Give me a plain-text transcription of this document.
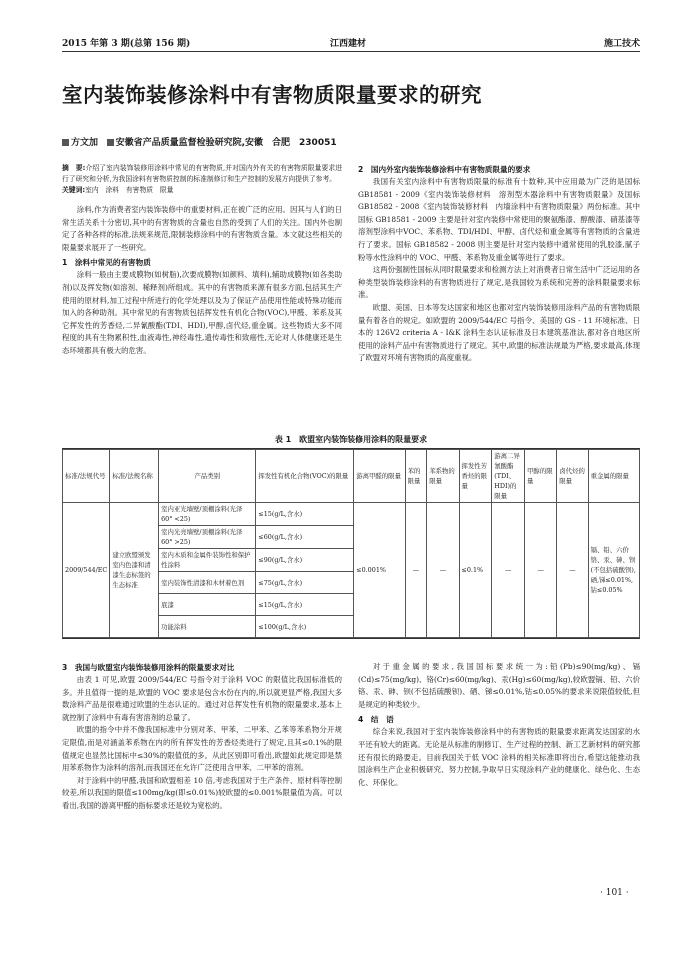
2015 年第 3 期(总第 156 期)	江西建材	施工技术
室内装饰装修涂料中有害物质限量要求的研究
方文加 安徽省产品质量监督检验研究院,安徽　合肥　230051

摘　要:介绍了室内装饰装修用涂料中常见的有害物质,并对国内外有关的有害物质限量要求进行了研究和分析,为我国涂料有害物质控制的标准制修订和生产控制的发展方向提供了参考。

关键词:室内　涂料　有害物质　限量

涂料,作为消费者室内装饰装修中的重要材料,正在被广泛的应用。因其与人们的日常生活关系十分密切,其中的有害物质的含量也自然的受到了人们的关注。国内外也制定了各种各样的标准,法规来规范,限制装修涂料中的有害物质含量。本文就这些相关的限量要求展开了一些研究。

1　涂料中常见的有害物质

涂料一般由主要成膜物(如树脂),次要成膜物(如颜料、填料),辅助成膜物(如各类助剂)以及挥发物(如溶剂、稀释剂)所组成。其中的有害物质来源有很多方面,包括其生产使用的原材料,加工过程中所进行的化学处理以及为了保证产品使用性能或特殊功能而加入的各种助剂。其中常见的有害物质包括挥发性有机化合物(VOC),甲醛、苯系及其它挥发性的芳香烃,二异氰酸酯(TDI、HDI),甲醇,卤代烃,重金属。这些物质大多不同程度的具有生物累积性,血液毒性,神经毒性,遗传毒性和致癌性,无论对人体健康还是生态环境都具有极大的危害。

2　国内外室内装饰装修涂料中有害物质限量的要求

我国有关室内涂料中有害物质限量的标准有十数种,其中应用最为广泛的是国标 GB18581 - 2009《室内装饰装修材料　溶剂型木器涂料中有害物质限量》及国标 GB18582 - 2008《室内装饰装修材料　内墙涂料中有害物质限量》两份标准。其中国标 GB18581 - 2009 主要是针对室内装修中常使用的聚氨酯漆、醇酸漆、硝基漆等溶剂型涂料中VOC、苯系物、TDI/HDI、甲醇、卤代烃和重金属等有害物质的含量进行了要求。国标 GB18582 - 2008 则主要是针对室内装修中通常使用的乳胶漆,腻子粉等水性涂料中的 VOC、甲醛、苯系物及重金属等进行了要求。

这两份强制性国标从同时限量要求和检测方法上对消费者日常生活中广泛运用的各种类型装饰装修涂料的有害物质进行了规定,是我国较为系统和完善的涂料限量要求标准。

欧盟、美国、日本等发达国家和地区也都对室内装饰装修用涂料产品的有害物质限量有着各自的规定。如欧盟的 2009/544/EC 号指令、美国的 GS - 11 环境标准、日本的 126V2 criteria A - I&K 涂料生态认证标准及日本建筑基准法,都对各自地区所使用的涂料产品中有害物质进行了规定。其中,欧盟的标准法规最为严格,要求最高,体现了欧盟对环境有害物质的高度重视。

表 1　欧盟室内装饰装修用涂料的限量要求
标准/法规代号	标准/法规名称	产品类别	挥发性有机化合物(VOC)的限量	游离甲醛的限量	苯的限量	苯系物的限量	挥发性芳香烃的限量	游离二异氰酸酯(TDI、HDI)的限量	甲醇的限量	卤代烃的限量	重金属的限量
2009/544/EC	建立欧盟颁发室内色漆和清漆生态标签的生态标准	室内亚光墙壁/顶棚涂料(光泽 60° <25)	≤15(g/L,含水)	≤0.001%	—	—	≤0.1%	—	—	—	镉、铅、六价铬、汞、砷、钡(不包括硫酸钡),硒,锑≤0.01%,钴≤0.05%
		室内光亮墙壁/顶棚涂料(光泽 60° >25)	≤60(g/L,含水)								
		室内木质和金属件装饰性和保护性涂料	≤90(g/L,含水)								
		室内装饰性清漆和木材着色剂	≤75(g/L,含水)								
		底漆	≤15(g/L,含水)								
		功能涂料	≤100(g/L,含水)								
3　我国与欧盟室内装饰装修用涂料的限量要求对比

由表 1 可见,欧盟 2009/544/EC 号指令对于涂料 VOC 的限值比我国标准低的多。并且值得一提的是,欧盟的 VOC 要求是包含水份在内的,所以就更显严格,我国大多数涂料产品是很难通过欧盟的生态认证的。通过对总挥发性有机物的限量要求,基本上就控制了涂料中有毒有害溶剂的总量了。

欧盟的指令中并不像我国标准中分别对苯、甲苯、二甲苯、乙苯等苯系物分开规定限值,而是对涵盖苯系物在内的所有挥发性的芳香烃类进行了规定,且其≤0.1%的限值规定也显然比国标中≤30%的限值低的多。从此区别即可看出,欧盟如此规定即是禁用苯系物作为涂料的溶剂,而我国还在允许广泛使用含甲苯、二甲苯的溶剂。

对于涂料中的甲醛,我国和欧盟相差 10 倍,考虑我国对于生产条件、原材料等控制较差,所以我国的限值≤100mg/kg(即≤0.01%)较欧盟的≤0.001%限量值为高。可以看出,我国的游离甲醛的指标要求还是较为宽松的。

对于重金属的要求,我国国标要求统一为:铅(Pb)≤90(mg/kg)、镉(Cd)≤75(mg/kg)、铬(Cr)≤60(mg/kg)、汞(Hg)≤60(mg/kg),较欧盟镉、铅、六价铬、汞、砷、钡(不包括硫酸钡)、硒、锑≤0.01%,钴≤0.05%的要求来说限值较低,但是规定的种类较少。

4　结　语

综合来说,我国对于室内装饰装修涂料中的有害物质的限量要求距离发达国家的水平还有较大的距离。无论是从标准的制修订、生产过程的控制、新工艺新材料的研究都还有很长的路要走。目前我国关于低 VOC 涂料的相关标准即将出台,希望这能推动我国涂料生产企业积极研究、努力控制,争取早日实现涂料产业的健康化、绿色化、生态化、环保化。

· 101 ·
